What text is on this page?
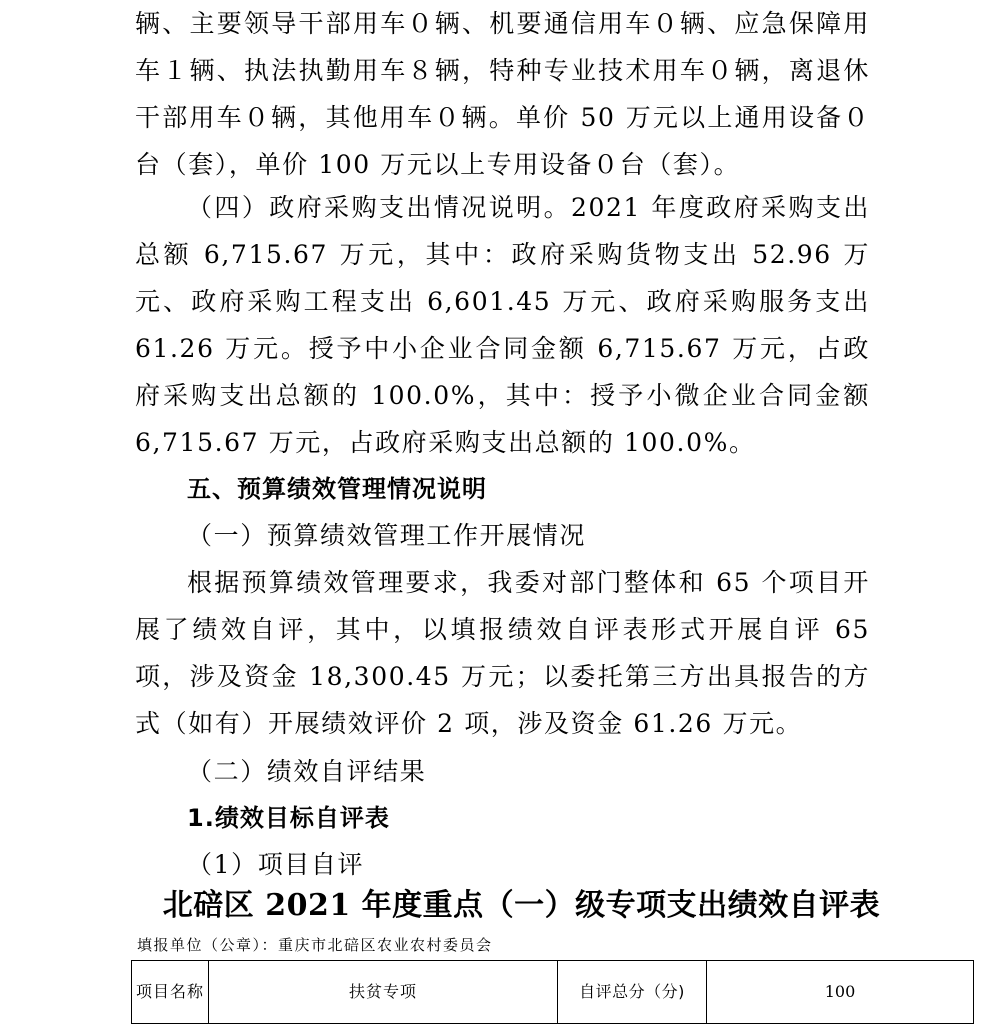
辆、主要领导干部用车０辆、机要通信用车０辆、应急保障用车１辆、执法执勤用车８辆，特种专业技术用车０辆，离退休干部用车０辆，其他用车０辆。单价 50 万元以上通用设备０台（套），单价 100 万元以上专用设备０台（套）。

（四）政府采购支出情况说明。2021 年度政府采购支出总额 6,715.67 万元，其中：政府采购货物支出 52.96 万元、政府采购工程支出 6,601.45 万元、政府采购服务支出 61.26 万元。授予中小企业合同金额 6,715.67 万元，占政府采购支出总额的 100.0%，其中：授予小微企业合同金额 6,715.67 万元，占政府采购支出总额的 100.0%。

五、预算绩效管理情况说明

（一）预算绩效管理工作开展情况

根据预算绩效管理要求，我委对部门整体和 65 个项目开展了绩效自评，其中，以填报绩效自评表形式开展自评 65 项，涉及资金 18,300.45 万元；以委托第三方出具报告的方式（如有）开展绩效评价 2 项，涉及资金 61.26 万元。

（二）绩效自评结果

1.绩效目标自评表

（1）项目自评

北碚区 2021 年度重点（一）级专项支出绩效自评表

填报单位（公章）：重庆市北碚区农业农村委员会

项目名称	扶贫专项	自评总分（分)	100
